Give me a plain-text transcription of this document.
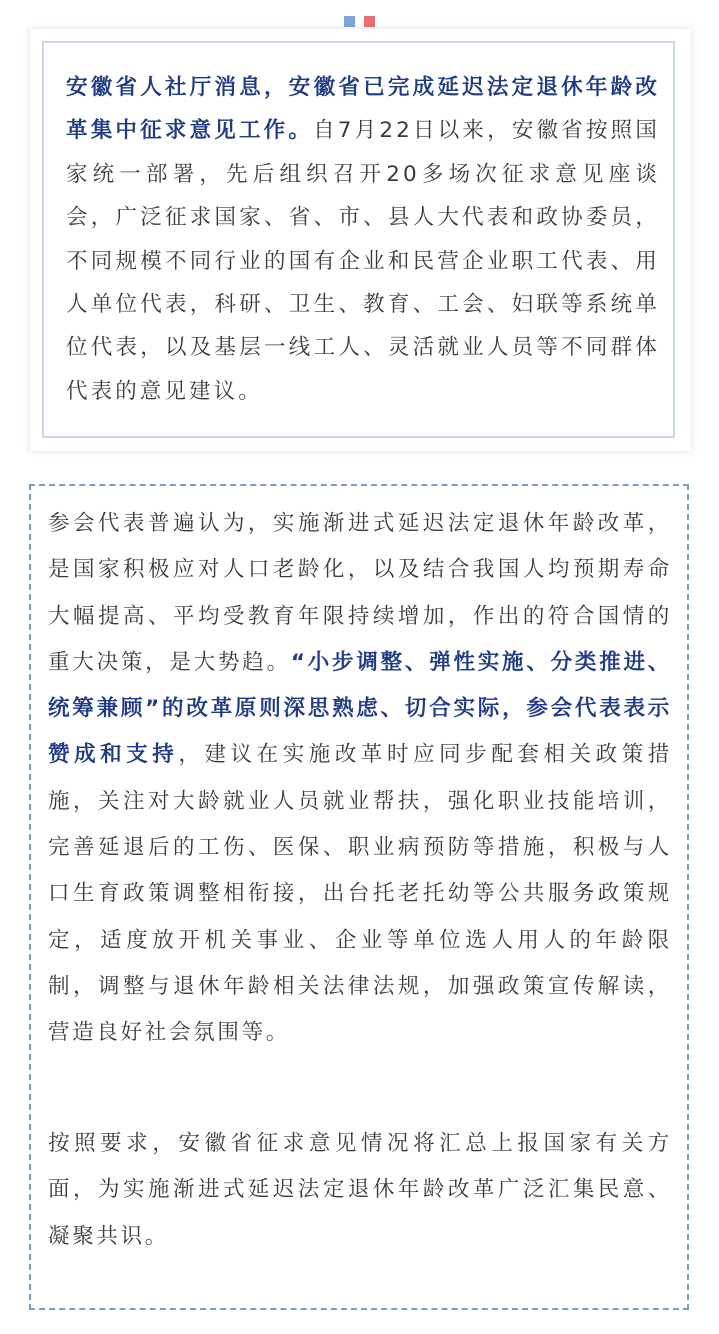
安徽省人社厅消息，安徽省已完成延迟法定退休年龄改革集中征求意见工作。自7月22日以来，安徽省按照国家统一部署，先后组织召开20多场次征求意见座谈会，广泛征求国家、省、市、县人大代表和政协委员，不同规模不同行业的国有企业和民营企业职工代表、用人单位代表，科研、卫生、教育、工会、妇联等系统单位代表，以及基层一线工人、灵活就业人员等不同群体代表的意见建议。
参会代表普遍认为，实施渐进式延迟法定退休年龄改革，是国家积极应对人口老龄化，以及结合我国人均预期寿命大幅提高、平均受教育年限持续增加，作出的符合国情的重大决策，是大势趋。“小步调整、弹性实施、分类推进、统筹兼顾”的改革原则深思熟虑、切合实际，参会代表表示赞成和支持，建议在实施改革时应同步配套相关政策措施，关注对大龄就业人员就业帮扶，强化职业技能培训，完善延退后的工伤、医保、职业病预防等措施，积极与人口生育政策调整相衔接，出台托老托幼等公共服务政策规定，适度放开机关事业、企业等单位选人用人的年龄限制，调整与退休年龄相关法律法规，加强政策宣传解读，营造良好社会氛围等。
按照要求，安徽省征求意见情况将汇总上报国家有关方面，为实施渐进式延迟法定退休年龄改革广泛汇集民意、凝聚共识。
